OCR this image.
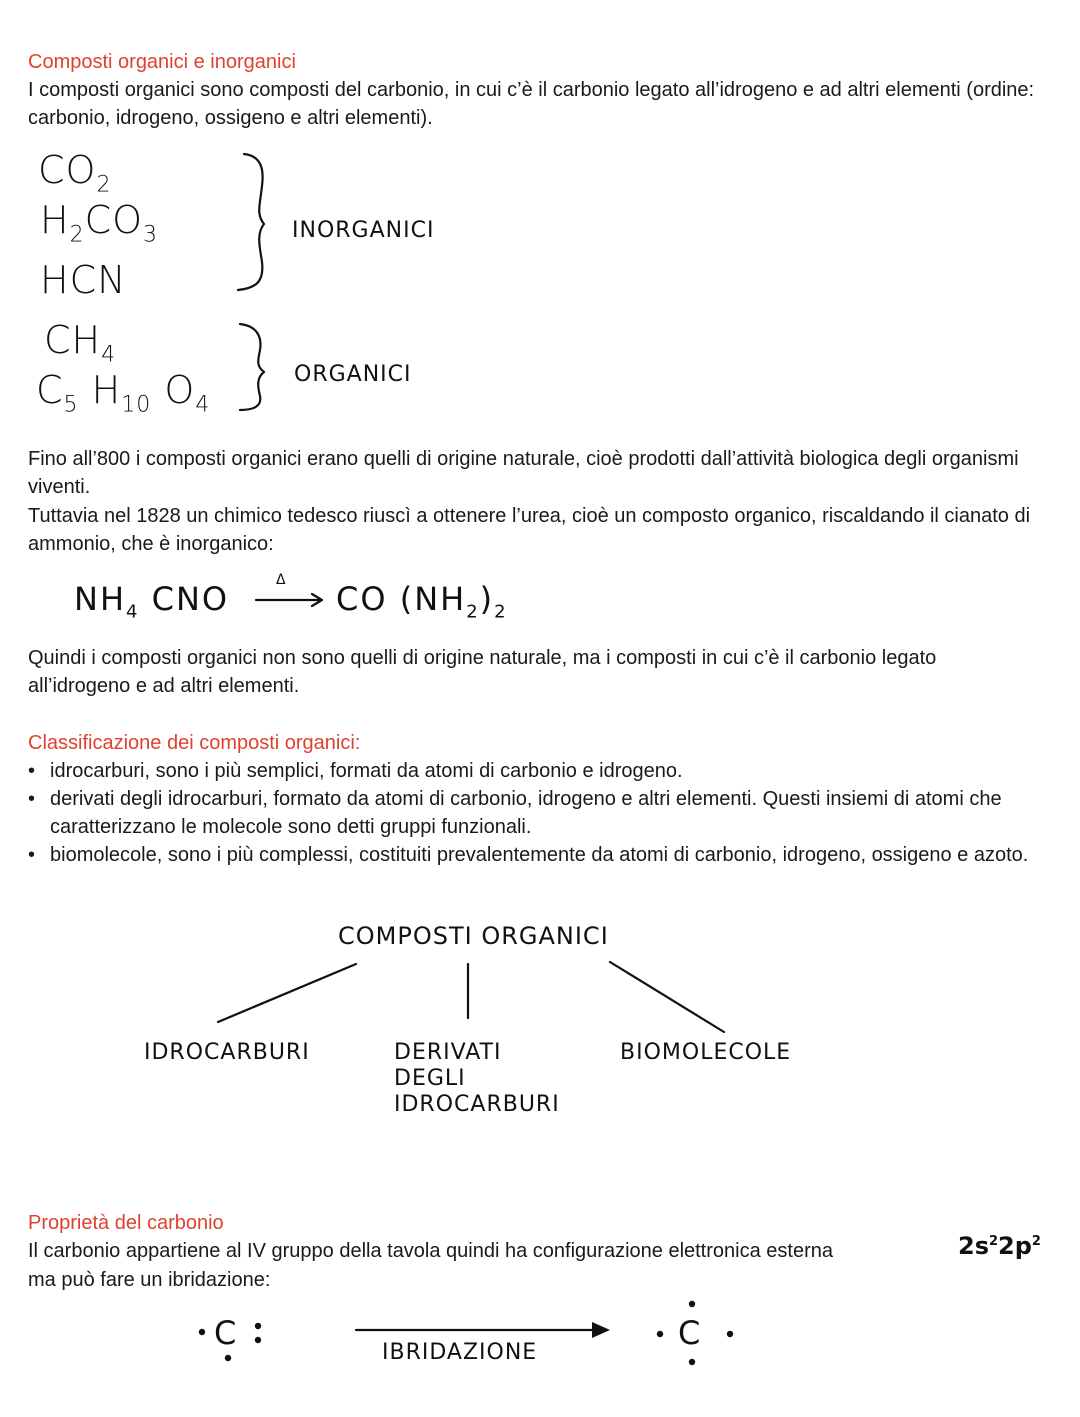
Composti organici e inorganici
I composti organici sono composti del carbonio, in cui c’è il carbonio legato all’idrogeno e ad altri elementi (ordine: carbonio, idrogeno, ossigeno e altri elementi).
$CO_2$
$H_2CO_3$
HCN
INORGANICI
$CH_4$
$C_5$ $H_{10}$ $O_4$
ORGANICI
Fino all’800 i composti organici erano quelli di origine naturale, cioè prodotti dall’attività biologica degli organismi viventi.
Tuttavia nel 1828 un chimico tedesco riuscì a ottenere l’urea, cioè un composto organico, riscaldando il cianato di ammonio, che è inorganico:
$NH_4$ CNO	Δ CO $(NH_2)_2$
Quindi i composti organici non sono quelli di origine naturale, ma i composti in cui c’è il carbonio legato all’idrogeno e ad altri elementi.
Classificazione dei composti organici:
• idrocarburi, sono i più semplici, formati da atomi di carbonio e idrogeno.
• derivati degli idrocarburi, formato da atomi di carbonio, idrogeno e altri elementi. Questi insiemi di atomi che caratterizzano le molecole sono detti gruppi funzionali.
• biomolecole, sono i più complessi, costituiti prevalentemente da atomi di carbonio, idrogeno, ossigeno e azoto.
COMPOSTI ORGANICI
IDROCARBURI	DERIVATI
DEGLI
IDROCARBURI
BIOMOLECOLE
Proprietà del carbonio
Il carbonio appartiene al IV gruppo della tavola quindi ha configurazione elettronica esterna	$2s^22p^2$
ma può fare un ibridazione:
C	C
IBRIDAZIONE
